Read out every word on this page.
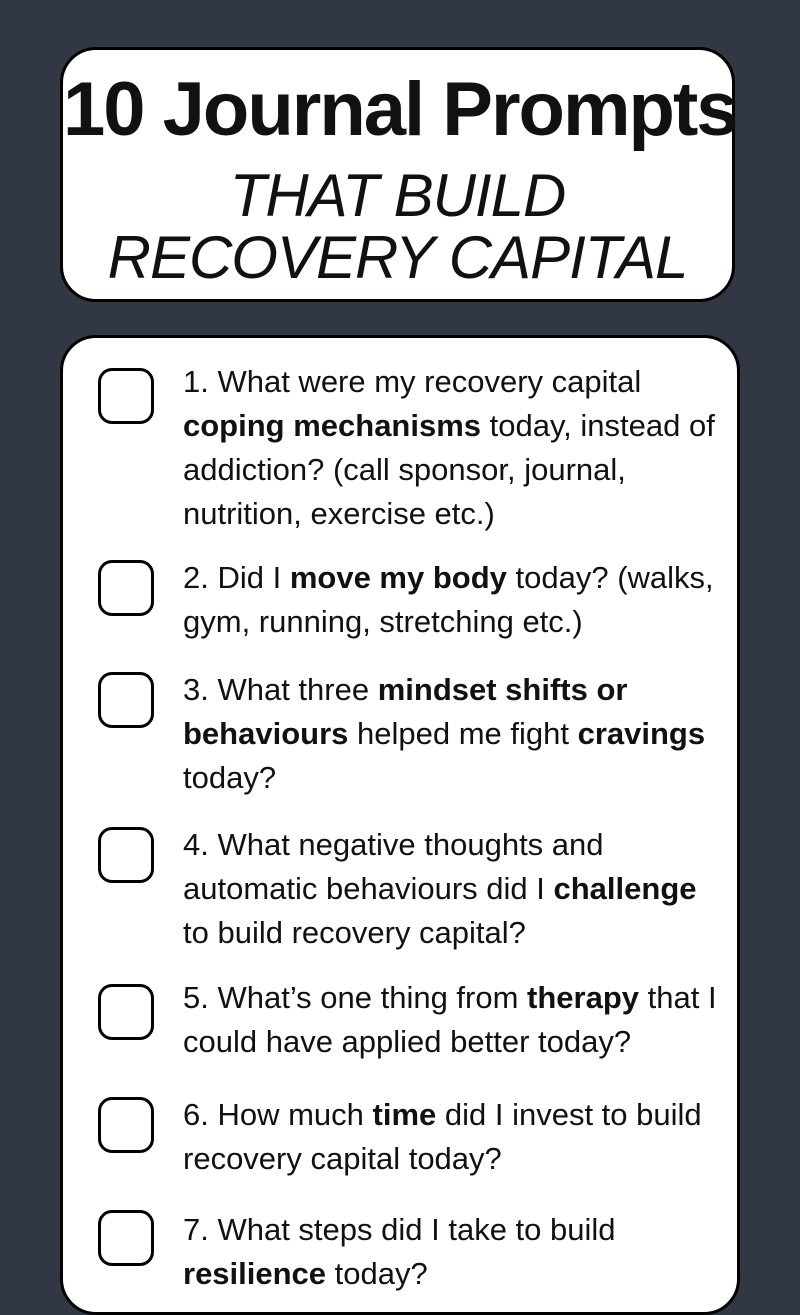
10 Journal Prompts
THAT BUILD
RECOVERY CAPITAL
1. What were my recovery capital coping mechanisms today, instead of addiction? (call sponsor, journal, nutrition, exercise etc.)
2. Did I move my body today? (walks, gym, running, stretching etc.)
3. What three mindset shifts or behaviours helped me fight cravings today?
4. What negative thoughts and automatic behaviours did I challenge to build recovery capital?
5. What’s one thing from therapy that I could have applied better today?
6. How much time did I invest to build recovery capital today?
7. What steps did I take to build resilience today?
